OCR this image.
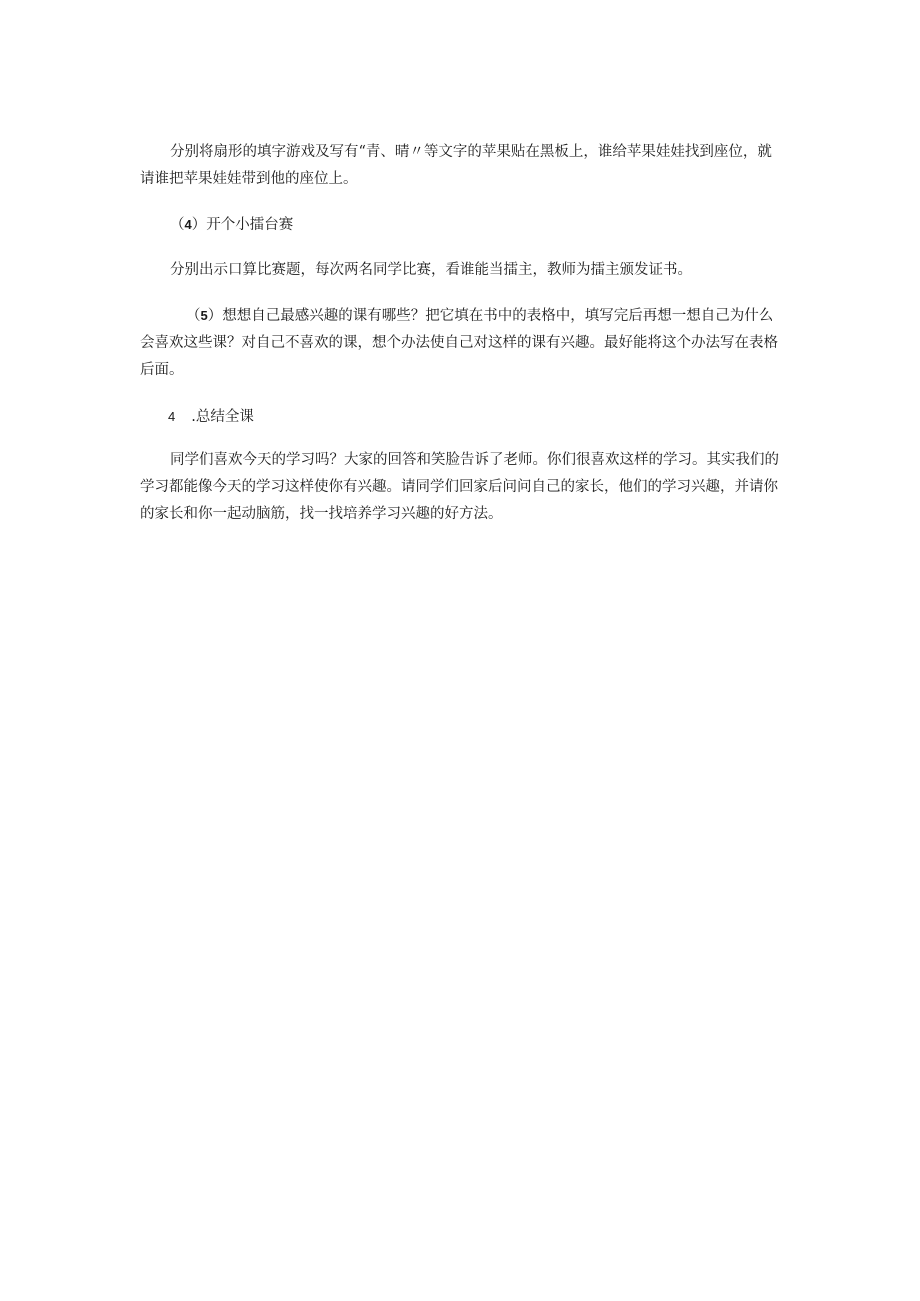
分别将扇形的填字游戏及写有“青、晴〃等文字的苹果贴在黑板上，谁给苹果娃娃找到座位，就请谁把苹果娃娃带到他的座位上。

（4）开个小擂台赛

分别出示口算比赛题，每次两名同学比赛，看谁能当擂主，教师为擂主颁发证书。

（5）想想自己最感兴趣的课有哪些？把它填在书中的表格中，填写完后再想一想自己为什么会喜欢这些课？对自己不喜欢的课，想个办法使自己对这样的课有兴趣。最好能将这个办法写在表格后面。

4 .总结全课

同学们喜欢今天的学习吗？大家的回答和笑脸告诉了老师。你们很喜欢这样的学习。其实我们的学习都能像今天的学习这样使你有兴趣。请同学们回家后问问自己的家长，他们的学习兴趣，并请你的家长和你一起动脑筋，找一找培养学习兴趣的好方法。
